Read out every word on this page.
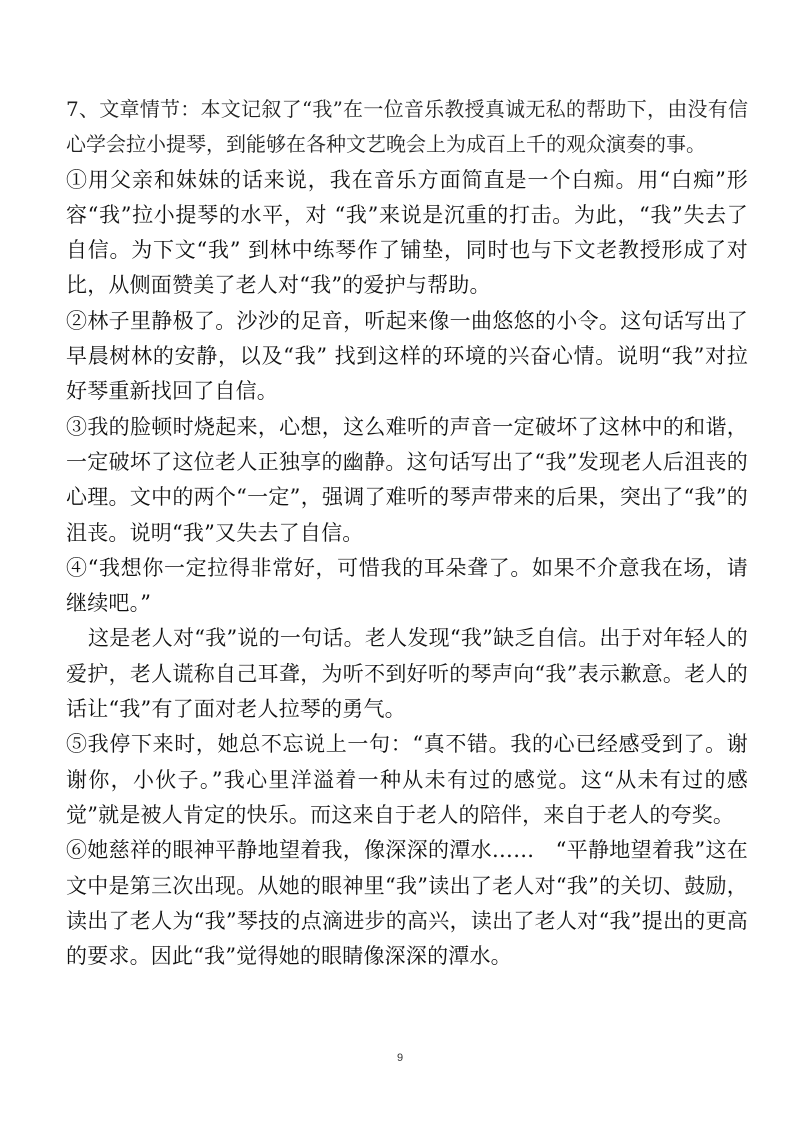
7、文章情节：本文记叙了“我”在一位音乐教授真诚无私的帮助下，由没有信心学会拉小提琴，到能够在各种文艺晚会上为成百上千的观众演奏的事。

①用父亲和妹妹的话来说，我在音乐方面简直是一个白痴。用“白痴”形容“我”拉小提琴的水平，对 “我”来说是沉重的打击。为此，“我”失去了自信。为下文“我” 到林中练琴作了铺垫，同时也与下文老教授形成了对比，从侧面赞美了老人对“我”的爱护与帮助。

②林子里静极了。沙沙的足音，听起来像一曲悠悠的小令。这句话写出了早晨树林的安静，以及“我” 找到这样的环境的兴奋心情。说明“我”对拉好琴重新找回了自信。

③我的脸顿时烧起来，心想，这么难听的声音一定破坏了这林中的和谐，一定破坏了这位老人正独享的幽静。这句话写出了“我”发现老人后沮丧的心理。文中的两个“一定”，强调了难听的琴声带来的后果，突出了“我”的沮丧。说明“我”又失去了自信。

④“我想你一定拉得非常好，可惜我的耳朵聋了。如果不介意我在场，请继续吧。”

这是老人对“我”说的一句话。老人发现“我”缺乏自信。出于对年轻人的爱护，老人谎称自己耳聋，为听不到好听的琴声向“我”表示歉意。老人的话让“我”有了面对老人拉琴的勇气。

⑤我停下来时，她总不忘说上一句：“真不错。我的心已经感受到了。谢谢你，小伙子。”我心里洋溢着一种从未有过的感觉。这“从未有过的感觉”就是被人肯定的快乐。而这来自于老人的陪伴，来自于老人的夸奖。

⑥她慈祥的眼神平静地望着我，像深深的潭水……　“平静地望着我”这在文中是第三次出现。从她的眼神里“我”读出了老人对“我”的关切、鼓励，读出了老人为“我”琴技的点滴进步的高兴，读出了老人对“我”提出的更高的要求。因此“我”觉得她的眼睛像深深的潭水。

9
